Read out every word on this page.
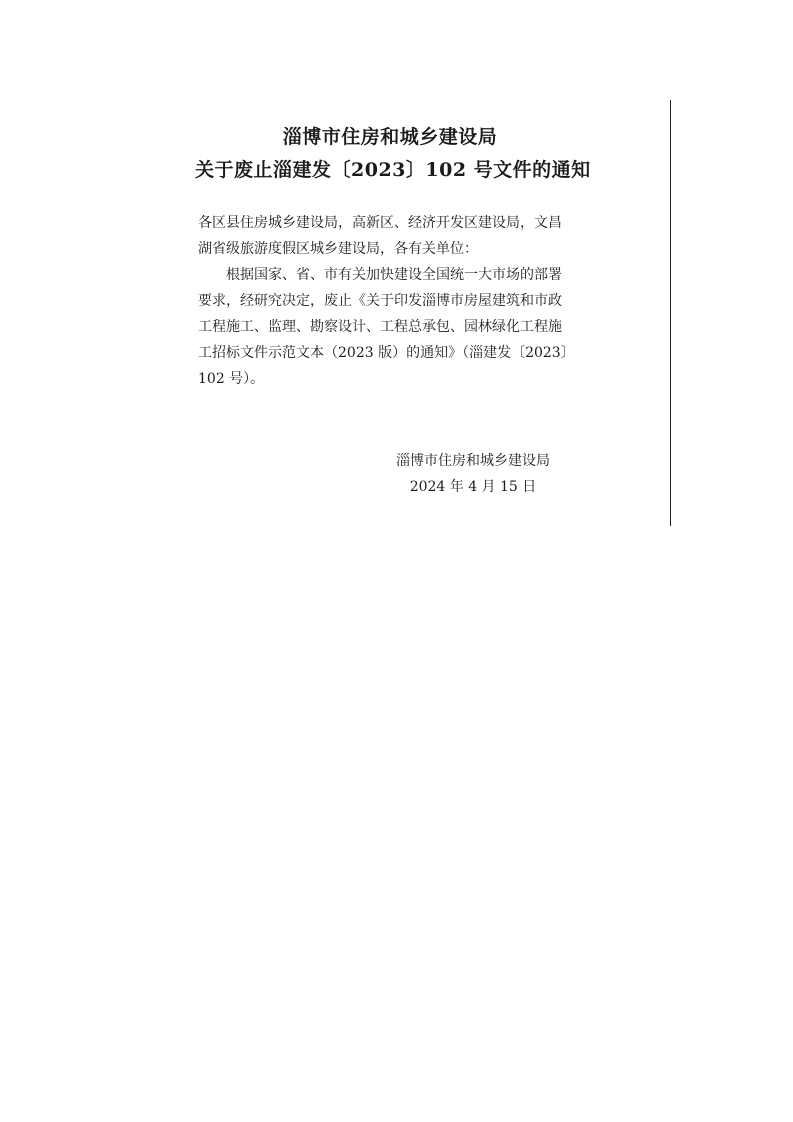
淄博市住房和城乡建设局
关于废止淄建发〔2023〕102 号文件的通知
各区县住房城乡建设局，高新区、经济开发区建设局，文昌
湖省级旅游度假区城乡建设局，各有关单位：
根据国家、省、市有关加快建设全国统一大市场的部署
要求，经研究决定，废止《关于印发淄博市房屋建筑和市政
工程施工、监理、勘察设计、工程总承包、园林绿化工程施
工招标文件示范文本（2023 版）的通知》（淄建发〔2023〕
102 号）。
淄博市住房和城乡建设局
2024 年 4 月 15 日
